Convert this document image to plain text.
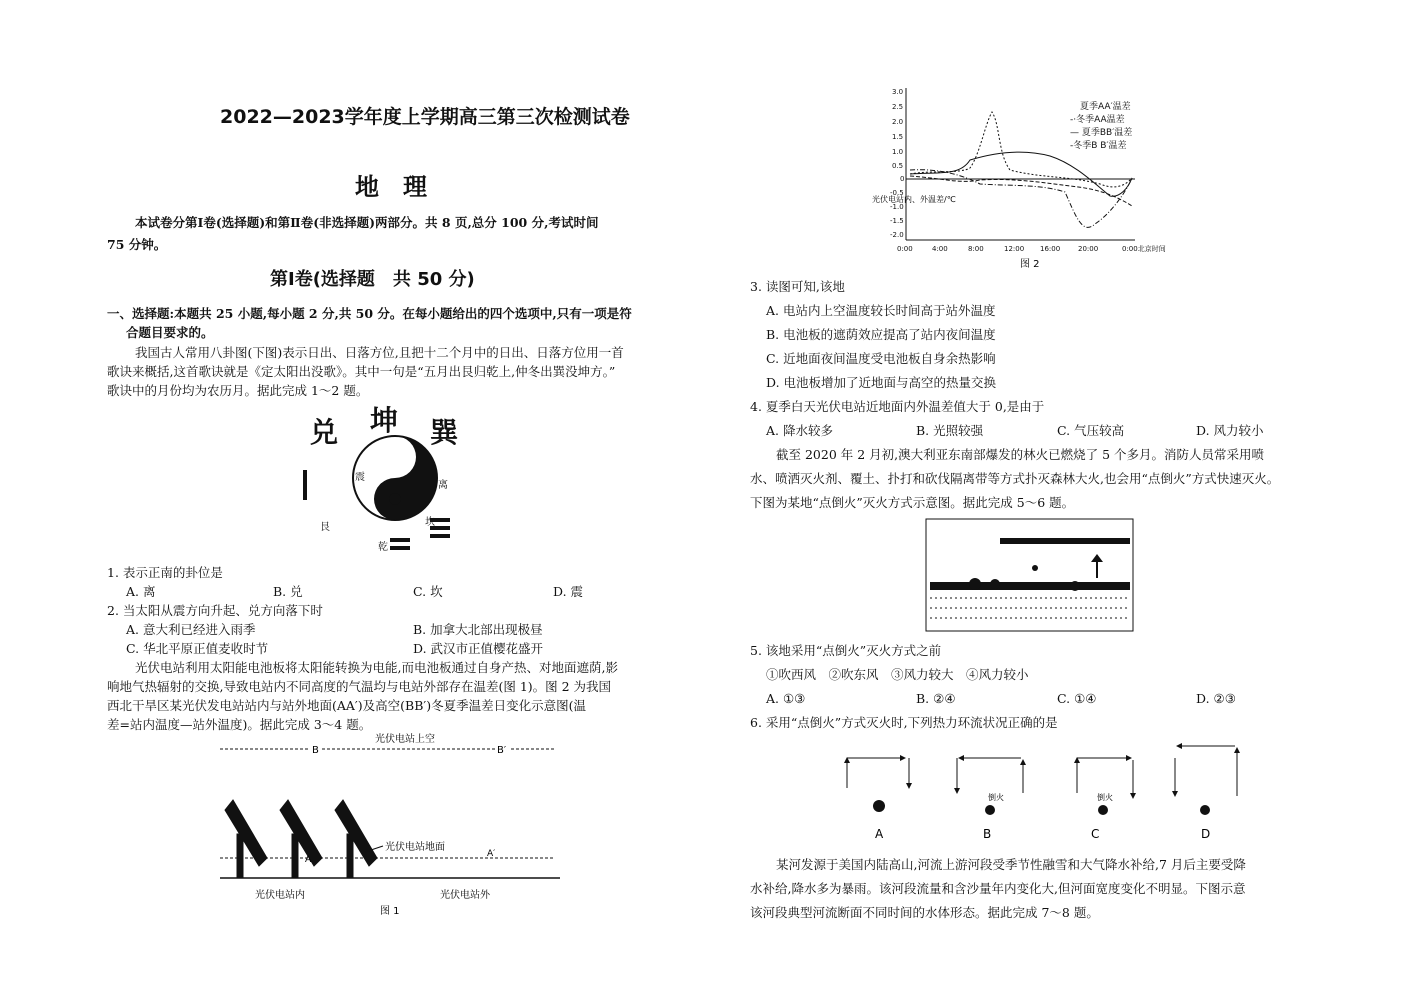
2022—2023学年度上学期高三第三次检测试卷
地　理
本试卷分第Ⅰ卷(选择题)和第Ⅱ卷(非选择题)两部分。共 8 页,总分 100 分,考试时间
75 分钟。
第Ⅰ卷(选择题　共 50 分)
一、选择题:本题共 25 小题,每小题 2 分,共 50 分。在每小题给出的四个选项中,只有一项是符
合题目要求的。
我国古人常用八卦图(下图)表示日出、日落方位,且把十二个月中的日出、日落方位用一首
歌诀来概括,这首歌诀就是《定太阳出没歌》。其中一句是“五月出艮归乾上,仲冬出巽没坤方。”
歌诀中的月份均为农历月。据此完成 1～2 题。
兑 坤 巽
震
离
坎
乾
艮
1. 表示正南的卦位是
A. 离	B. 兑	C. 坎	D. 震
2. 当太阳从震方向升起、兑方向落下时
A. 意大利已经进入雨季	B. 加拿大北部出现极昼
C. 华北平原正值麦收时节	D. 武汉市正值樱花盛开
光伏电站利用太阳能电池板将太阳能转换为电能,而电池板通过自身产热、对地面遮荫,影
响地气热辐射的交换,导致电站内不同高度的气温均与电站外部存在温差(图 1)。图 2 为我国
西北干旱区某光伏发电站站内与站外地面(AA′)及高空(BB′)冬夏季温差日变化示意图(温
差=站内温度—站外温度)。据此完成 3～4 题。
光伏电站上空
B	B′
A
A′
光伏电站地面
光伏电站内	光伏电站外
图 1
3.0
2.5
2.0
1.5
1.0
0.5
0
-0.5
-1.0
-1.5
-2.0
0:00	4:00	8:00	12:00 16:00	20:00	0:00北京时间
夏季AA′温差
-·冬季AA温差
— 夏季BB′温差
-冬季B B′温差
光伏电站内、外温差/℃
图 2
3. 读图可知,该地
A. 电站内上空温度较长时间高于站外温度
B. 电池板的遮荫效应提高了站内夜间温度
C. 近地面夜间温度受电池板自身余热影响
D. 电池板增加了近地面与高空的热量交换
4. 夏季白天光伏电站近地面内外温差值大于 0,是由于
A. 降水较多	B. 光照较强	C. 气压较高	D. 风力较小
截至 2020 年 2 月初,澳大利亚东南部爆发的林火已燃烧了 5 个多月。消防人员常采用喷
水、喷洒灭火剂、覆土、扑打和砍伐隔离带等方式扑灭森林大火,也会用“点倒火”方式快速灭火。
下图为某地“点倒火”灭火方式示意图。据此完成 5～6 题。
5. 该地采用“点倒火”灭火方式之前
①吹西风　②吹东风　③风力较大　④风力较小
A. ①③	B. ②④	C. ①④	D. ②③
6. 采用“点倒火”方式灭火时,下列热力环流状况正确的是
倒火	倒火
A	B	C	D
某河发源于美国内陆高山,河流上游河段受季节性融雪和大气降水补给,7 月后主要受降
水补给,降水多为暴雨。该河段流量和含沙量年内变化大,但河面宽度变化不明显。下图示意
该河段典型河流断面不同时间的水体形态。据此完成 7～8 题。
